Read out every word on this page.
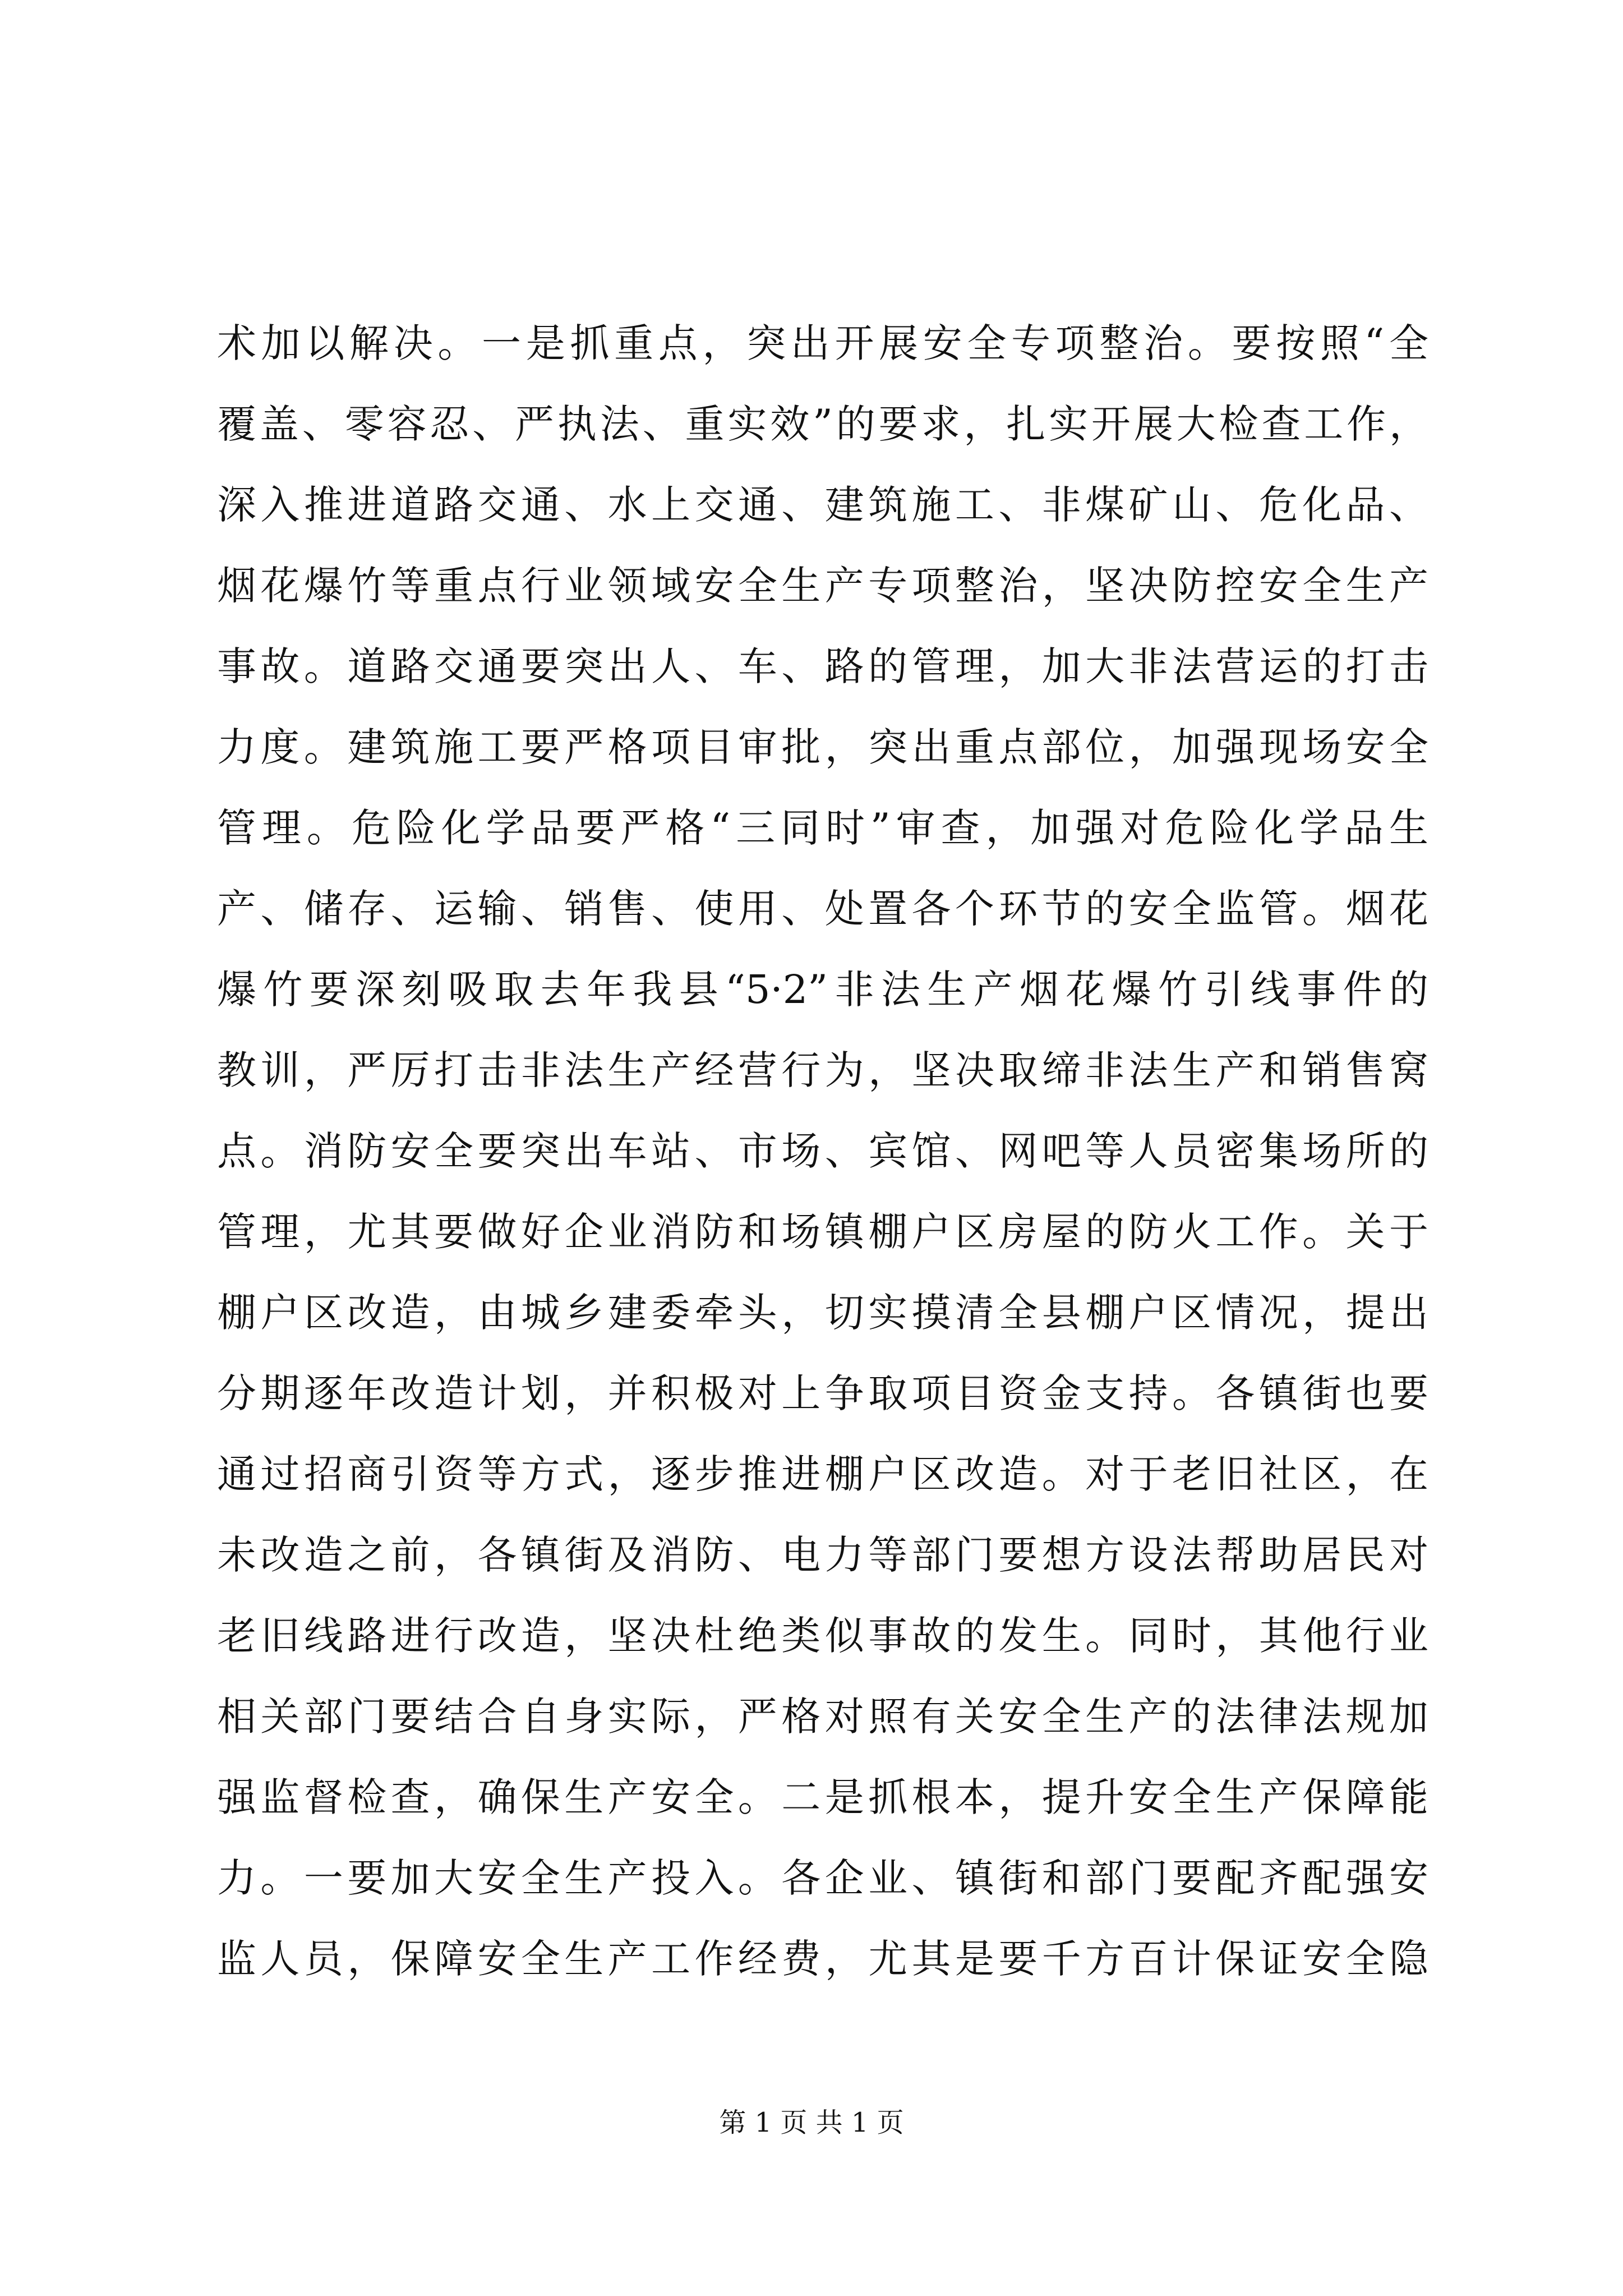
术加以解决。一是抓重点，突出开展安全专项整治。要按照“全
覆盖、零容忍、严执法、重实效”的要求，扎实开展大检查工作，
深入推进道路交通、水上交通、建筑施工、非煤矿山、危化品、
烟花爆竹等重点行业领域安全生产专项整治，坚决防控安全生产
事故。道路交通要突出人、车、路的管理，加大非法营运的打击
力度。建筑施工要严格项目审批，突出重点部位，加强现场安全
管理。危险化学品要严格“三同时”审查，加强对危险化学品生
产、储存、运输、销售、使用、处置各个环节的安全监管。烟花
爆竹要深刻吸取去年我县“5·2”非法生产烟花爆竹引线事件的
教训，严厉打击非法生产经营行为，坚决取缔非法生产和销售窝
点。消防安全要突出车站、市场、宾馆、网吧等人员密集场所的
管理，尤其要做好企业消防和场镇棚户区房屋的防火工作。关于
棚户区改造，由城乡建委牵头，切实摸清全县棚户区情况，提出
分期逐年改造计划，并积极对上争取项目资金支持。各镇街也要
通过招商引资等方式，逐步推进棚户区改造。对于老旧社区，在
未改造之前，各镇街及消防、电力等部门要想方设法帮助居民对
老旧线路进行改造，坚决杜绝类似事故的发生。同时，其他行业
相关部门要结合自身实际，严格对照有关安全生产的法律法规加
强监督检查，确保生产安全。二是抓根本，提升安全生产保障能
力。一要加大安全生产投入。各企业、镇街和部门要配齐配强安
监人员，保障安全生产工作经费，尤其是要千方百计保证安全隐
第 1 页 共 1 页
